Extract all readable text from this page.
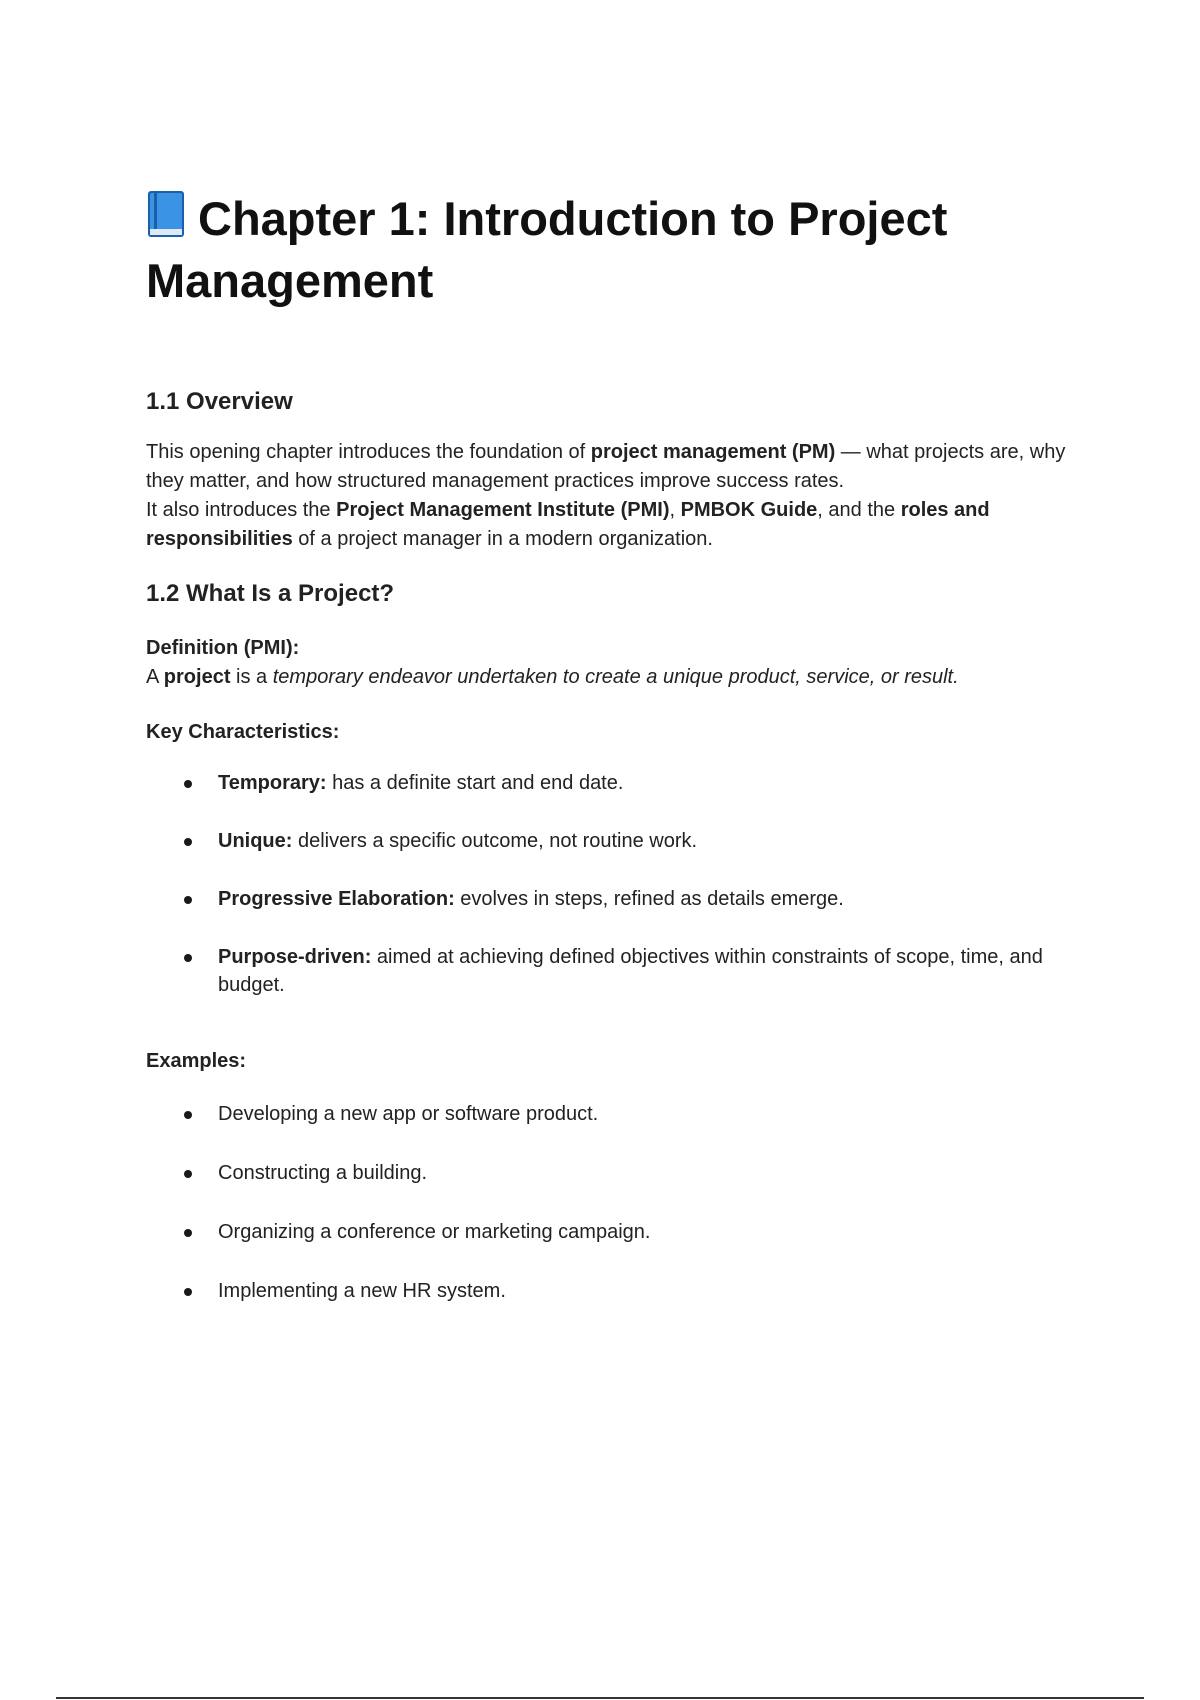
Chapter 1: Introduction to Project Management
1.1 Overview

This opening chapter introduces the foundation of project management (PM) — what projects are, why they matter, and how structured management practices improve success rates.
It also introduces the Project Management Institute (PMI), PMBOK Guide, and the roles and responsibilities of a project manager in a modern organization.

1.2 What Is a Project?

Definition (PMI):

A project is a temporary endeavor undertaken to create a unique product, service, or result.

Key Characteristics:

Temporary: has a definite start and end date.
Unique: delivers a specific outcome, not routine work.
Progressive Elaboration: evolves in steps, refined as details emerge.
Purpose-driven: aimed at achieving defined objectives within constraints of scope, time, and budget.

Examples:

Developing a new app or software product.
Constructing a building.
Organizing a conference or marketing campaign.
Implementing a new HR system.
